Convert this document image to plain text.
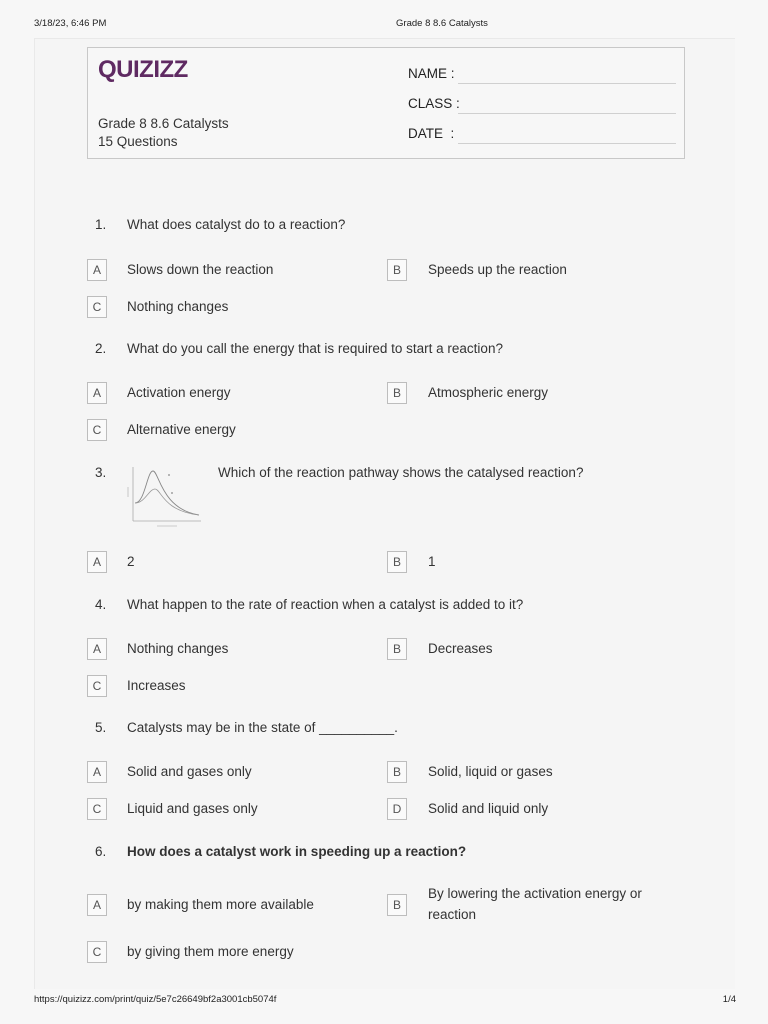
3/18/23, 6:46 PM	Grade 8 8.6 Catalysts
QUIZIZZ
Grade 8 8.6 Catalysts
15 Questions
NAME :
CLASS :
DATE  :
1. What does catalyst do to a reaction?
A	Slows down the reaction	B	Speeds up the reaction
C	Nothing changes
2. What do you call the energy that is required to start a reaction?
A	Activation energy	B	Atmospheric energy
C	Alternative energy
3.	Which of the reaction pathway shows the catalysed reaction?
A	2	B	1
4. What happen to the rate of reaction when a catalyst is added to it?
A	Nothing changes	B	Decreases
C	Increases
5. Catalysts may be in the state of __________.
A	Solid and gases only	B	Solid, liquid or gases
C	Liquid and gases only	D	Solid and liquid only
6. How does a catalyst work in speeding up a reaction?
A	by making them more available	B
By lowering the activation energy or reaction
C	by giving them more energy
https://quizizz.com/print/quiz/5e7c26649bf2a3001cb5074f	1/4
